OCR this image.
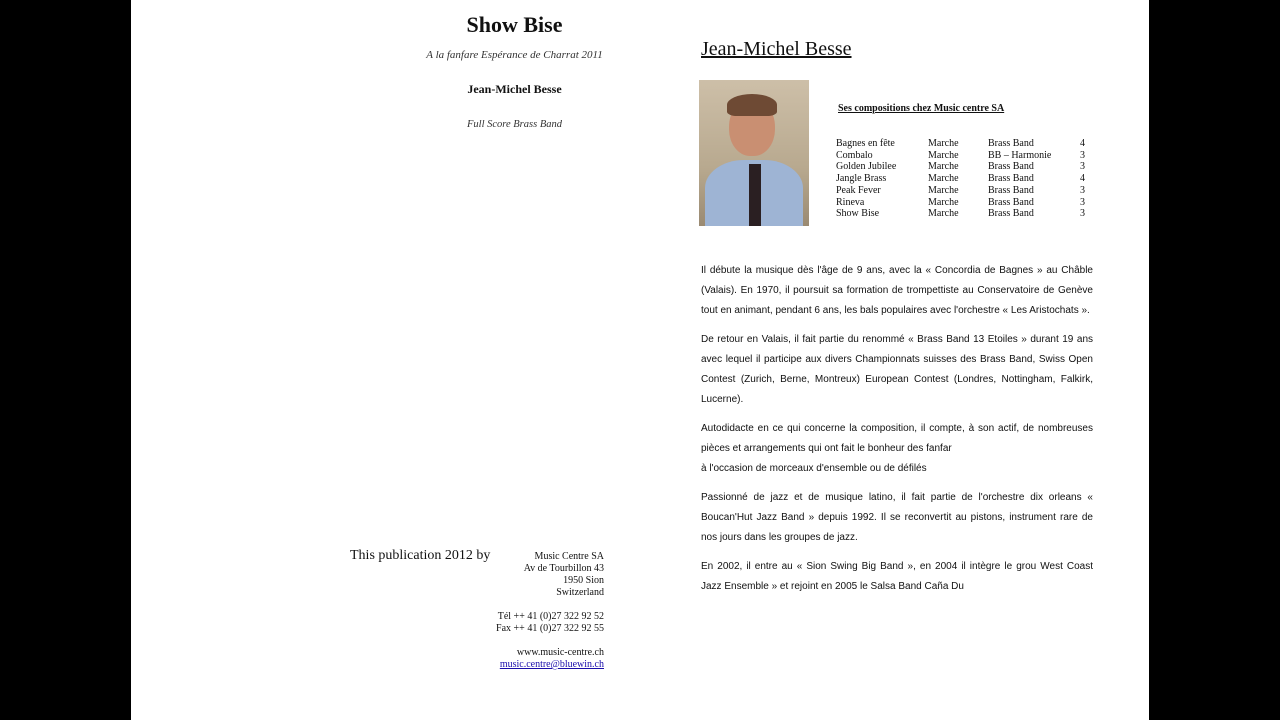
Show Bise
A la fanfare Espérance de Charrat 2011
Jean-Michel Besse
Full Score Brass Band
This publication 2012 by	Music Centre SA
Av de Tourbillon 43
1950 Sion
Switzerland
Tél ++ 41 (0)27 322 92 52
Fax ++ 41 (0)27 322 92 55
www.music-centre.ch
music.centre@bluewin.ch
Jean-Michel Besse
Ses compositions chez Music centre SA
Bagnes en fête	Marche	Brass Band	4
Combalo	Marche	BB – Harmonie	3
Golden Jubilee	Marche	Brass Band	3
Jangle Brass	Marche	Brass Band	4
Peak Fever	Marche	Brass Band	3
Rineva	Marche	Brass Band	3
Show Bise	Marche	Brass Band	3

Il débute la musique dès l'âge de 9 ans, avec la « Concordia de Bagnes » au Châble (Valais). En 1970, il poursuit sa formation de trompettiste au Conservatoire de Genève tout en animant, pendant 6 ans, les bals populaires avec l'orchestre « Les Aristochats ».

De retour en Valais, il fait partie du renommé « Brass Band 13 Etoiles » durant 19 ans avec lequel il participe aux divers Championnats suisses des Brass Band, Swiss Open Contest (Zurich, Berne, Montreux) European Contest (Londres, Nottingham, Falkirk, Lucerne).

Autodidacte en ce qui concerne la composition, il compte, à son actif, de nombreuses pièces et arrangements qui ont fait le bonheur des fanfar
à l'occasion de morceaux d'ensemble ou de défilés

Passionné de jazz et de musique latino, il fait partie de l'orchestre dix orleans « Boucan'Hut Jazz Band » depuis 1992. Il se reconvertit au pistons, instrument rare de nos jours dans les groupes de jazz.

En 2002, il entre au « Sion Swing Big Band », en 2004 il intègre le grou West Coast Jazz Ensemble » et rejoint en 2005 le Salsa Band Caña Du
